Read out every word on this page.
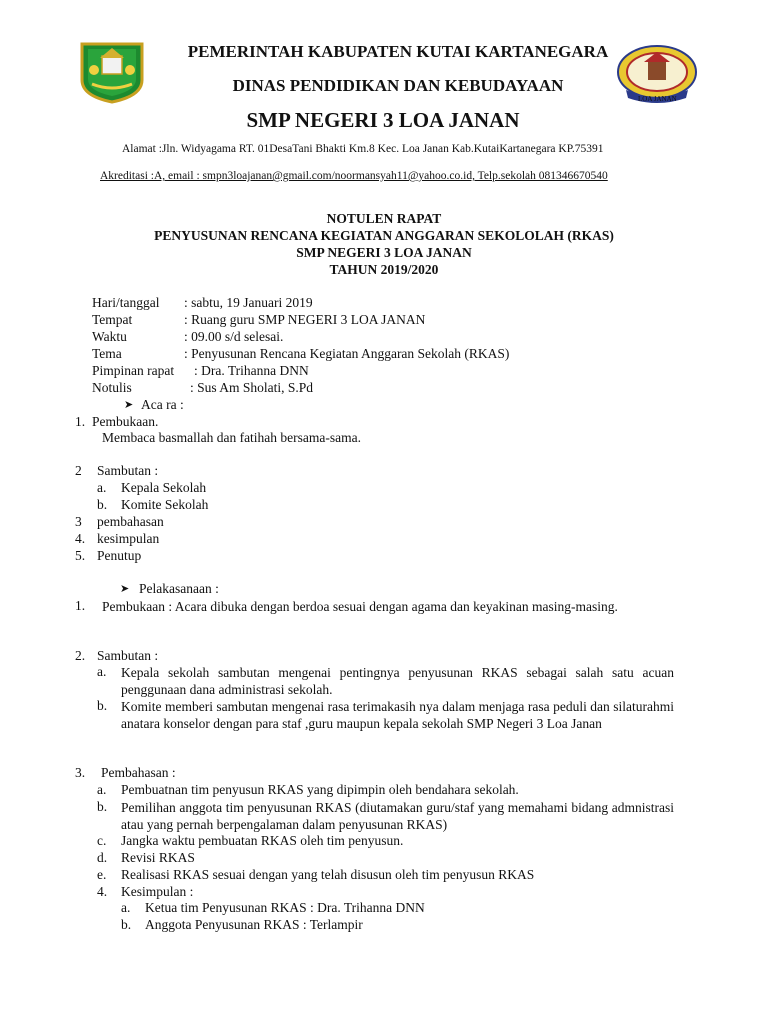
LOA JANAN
PEMERINTAH KABUPATEN KUTAI KARTANEGARA
DINAS PENDIDIKAN DAN KEBUDAYAAN
SMP NEGERI 3 LOA JANAN
Alamat :Jln. Widyagama RT. 01DesaTani Bhakti Km.8 Kec. Loa Janan Kab.KutaiKartanegara KP.75391
Akreditasi :A, email : smpn3loajanan@gmail.com/noormansyah11@yahoo.co.id, Telp.sekolah 081346670540
NOTULEN RAPAT
PENYUSUNAN RENCANA KEGIATAN ANGGARAN SEKOLOLAH (RKAS)
SMP NEGERI 3 LOA JANAN
TAHUN 2019/2020
Hari/tanggal : sabtu, 19 Januari 2019
Tempat	: Ruang guru SMP NEGERI 3 LOA JANAN
Waktu	: 09.00 s/d selesai.
Tema	: Penyusunan Rencana Kegiatan Anggaran Sekolah (RKAS)
Pimpinan rapat : Dra. Trihanna DNN
Notulis	: Sus Am Sholati, S.Pd
➤ Aca ra :
1. Pembukaan.
Membaca basmallah dan fatihah bersama-sama.
2 Sambutan :
a. Kepala Sekolah
b. Komite Sekolah
3 pembahasan
4. kesimpulan
5. Penutup
➤ Pelakasanaan :
1.	Pembukaan : Acara dibuka dengan berdoa sesuai dengan agama dan keyakinan masing-masing.
2. Sambutan :
a. Kepala sekolah sambutan mengenai pentingnya penyusunan RKAS sebagai salah satu acuan penggunaan dana administrasi sekolah.
b. Komite memberi sambutan mengenai rasa terimakasih nya dalam menjaga rasa peduli dan silaturahmi anatara konselor dengan para staf ,guru maupun kepala sekolah SMP Negeri 3 Loa Janan
3. Pembahasan :
a. Pembuatnan tim penyusun RKAS yang dipimpin oleh bendahara sekolah.
b. Pemilihan anggota tim penyusunan RKAS (diutamakan guru/staf yang memahami bidang admnistrasi atau yang pernah berpengalaman dalam penyusunan RKAS)
c. Jangka waktu pembuatan RKAS oleh tim penyusun.
d. Revisi RKAS
e. Realisasi RKAS sesuai dengan yang telah disusun oleh tim penyusun RKAS
4. Kesimpulan :
a. Ketua tim Penyusunan RKAS : Dra. Trihanna DNN
b. Anggota Penyusunan RKAS : Terlampir
